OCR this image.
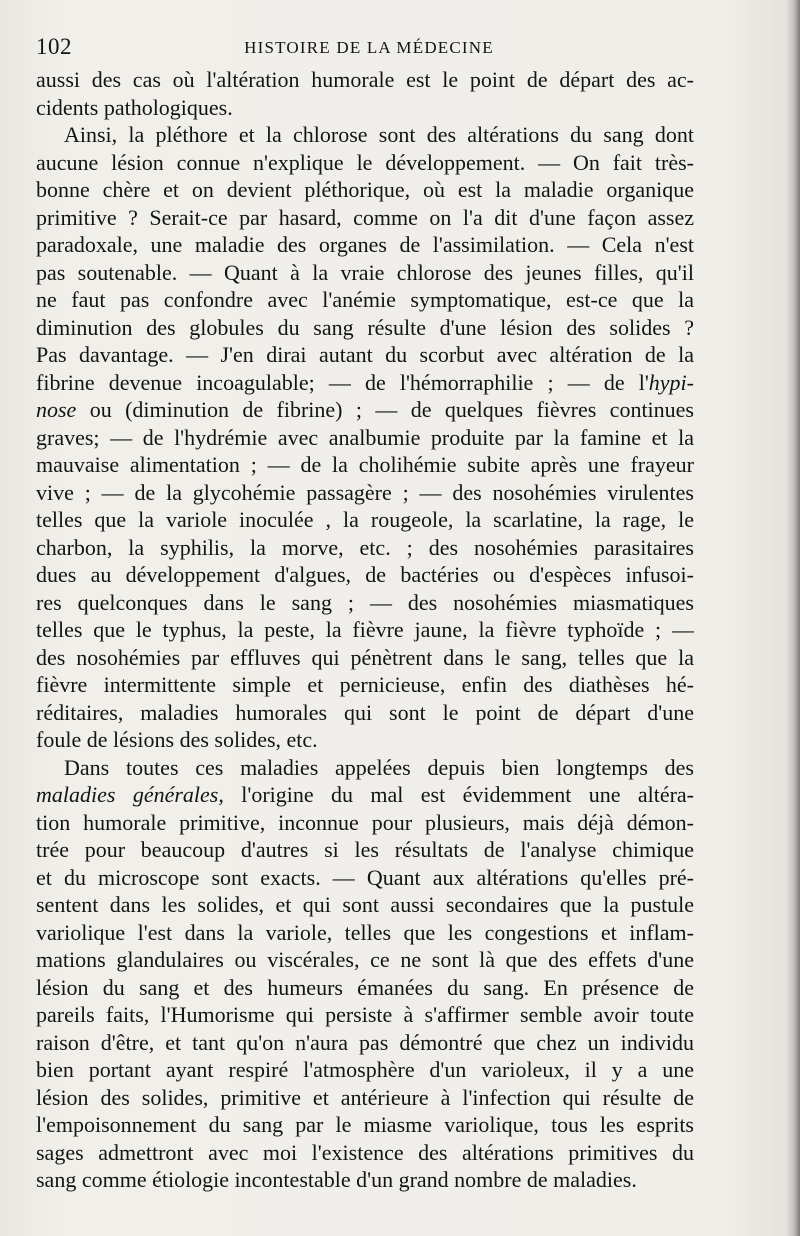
102	HISTOIRE DE LA MÉDECINE
aussi des cas où l'altération humorale est le point de départ des ac-
cidents pathologiques.
Ainsi, la pléthore et la chlorose sont des altérations du sang dont
aucune lésion connue n'explique le développement. — On fait très-
bonne chère et on devient pléthorique, où est la maladie organique
primitive ? Serait-ce par hasard, comme on l'a dit d'une façon assez
paradoxale, une maladie des organes de l'assimilation. — Cela n'est
pas soutenable. — Quant à la vraie chlorose des jeunes filles, qu'il
ne faut pas confondre avec l'anémie symptomatique, est-ce que la
diminution des globules du sang résulte d'une lésion des solides ?
Pas davantage. — J'en dirai autant du scorbut avec altération de la
fibrine devenue incoagulable; — de l'hémorraphilie ; — de l'hypi-
nose ou (diminution de fibrine) ; — de quelques fièvres continues
graves; — de l'hydrémie avec analbumie produite par la famine et la
mauvaise alimentation ; — de la cholihémie subite après une frayeur
vive ; — de la glycohémie passagère ; — des nosohémies virulentes
telles que la variole inoculée , la rougeole, la scarlatine, la rage, le
charbon, la syphilis, la morve, etc. ; des nosohémies parasitaires
dues au développement d'algues, de bactéries ou d'espèces infusoi-
res quelconques dans le sang ; — des nosohémies miasmatiques
telles que le typhus, la peste, la fièvre jaune, la fièvre typhoïde ; —
des nosohémies par effluves qui pénètrent dans le sang, telles que la
fièvre intermittente simple et pernicieuse, enfin des diathèses hé-
réditaires, maladies humorales qui sont le point de départ d'une
foule de lésions des solides, etc.
Dans toutes ces maladies appelées depuis bien longtemps des
maladies générales, l'origine du mal est évidemment une altéra-
tion humorale primitive, inconnue pour plusieurs, mais déjà démon-
trée pour beaucoup d'autres si les résultats de l'analyse chimique
et du microscope sont exacts. — Quant aux altérations qu'elles pré-
sentent dans les solides, et qui sont aussi secondaires que la pustule
variolique l'est dans la variole, telles que les congestions et inflam-
mations glandulaires ou viscérales, ce ne sont là que des effets d'une
lésion du sang et des humeurs émanées du sang. En présence de
pareils faits, l'Humorisme qui persiste à s'affirmer semble avoir toute
raison d'être, et tant qu'on n'aura pas démontré que chez un individu
bien portant ayant respiré l'atmosphère d'un varioleux, il y a une
lésion des solides, primitive et antérieure à l'infection qui résulte de
l'empoisonnement du sang par le miasme variolique, tous les esprits
sages admettront avec moi l'existence des altérations primitives du
sang comme étiologie incontestable d'un grand nombre de maladies.
